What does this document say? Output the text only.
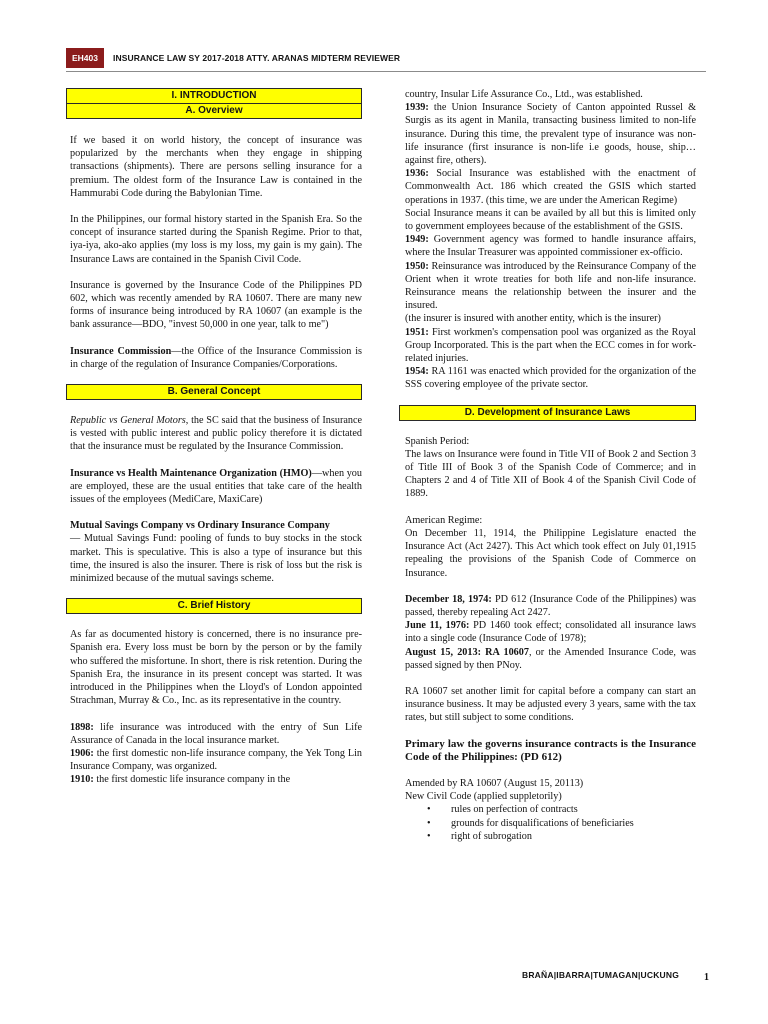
EH403	INSURANCE LAW SY 2017-2018 ATTY. ARANAS MIDTERM REVIEWER
I. INTRODUCTION
A. Overview

If we based it on world history, the concept of insurance was popularized by the merchants when they engage in shipping transactions (shipments). There are persons selling insurance for a premium. The oldest form of the Insurance Law is contained in the Hammurabi Code during the Babylonian Time.

In the Philippines, our formal history started in the Spanish Era. So the concept of insurance started during the Spanish Regime. Prior to that, iya-iya, ako-ako applies (my loss is my loss, my gain is my gain). The Insurance Laws are contained in the Spanish Civil Code.

Insurance is governed by the Insurance Code of the Philippines PD 602, which was recently amended by RA 10607. There are many new forms of insurance being introduced by RA 10607 (an example is the bank assurance—BDO, "invest 50,000 in one year, talk to me")

Insurance Commission—the Office of the Insurance Commission is in charge of the regulation of Insurance Companies/Corporations.

B. General Concept

Republic vs General Motors, the SC said that the business of Insurance is vested with public interest and public policy therefore it is dictated that the insurance must be regulated by the Insurance Commission.

Insurance vs Health Maintenance Organization (HMO)—when you are employed, these are the usual entities that take care of the health issues of the employees (MediCare, MaxiCare)

Mutual Savings Company vs Ordinary Insurance Company

— Mutual Savings Fund: pooling of funds to buy stocks in the stock market. This is speculative. This is also a type of insurance but this time, the insured is also the insurer. There is risk of loss but the risk is minimized because of the mutual savings scheme.

C. Brief History

As far as documented history is concerned, there is no insurance pre-Spanish era. Every loss must be born by the person or by the family who suffered the misfortune. In short, there is risk retention. During the Spanish Era, the insurance in its present concept was started. It was introduced in the Philippines when the Lloyd's of London appointed Strachman, Murray & Co., Inc. as its representative in the country.

1898: life insurance was introduced with the entry of Sun Life Assurance of Canada in the local insurance market.

1906: the first domestic non-life insurance company, the Yek Tong Lin Insurance Company, was organized.

1910: the first domestic life insurance company in the

country, Insular Life Assurance Co., Ltd., was established.

1939: the Union Insurance Society of Canton appointed Russel & Surgis as its agent in Manila, transacting business limited to non-life insurance. During this time, the prevalent type of insurance was non-life insurance (first insurance is non-life i.e goods, house, ship…against fire, others).

1936: Social Insurance was established with the enactment of Commonwealth Act. 186 which created the GSIS which started operations in 1937. (this time, we are under the American Regime)

Social Insurance means it can be availed by all but this is limited only to government employees because of the establishment of the GSIS.

1949: Government agency was formed to handle insurance affairs, where the Insular Treasurer was appointed commissioner ex-officio.

1950: Reinsurance was introduced by the Reinsurance Company of the Orient when it wrote treaties for both life and non-life insurance. Reinsurance means the relationship between the insurer and the insured.

(the insurer is insured with another entity, which is the insurer)

1951: First workmen's compensation pool was organized as the Royal Group Incorporated. This is the part when the ECC comes in for work-related injuries.

1954: RA 1161 was enacted which provided for the organization of the SSS covering employee of the private sector.

D. Development of Insurance Laws

Spanish Period:

The laws on Insurance were found in Title VII of Book 2 and Section 3 of Title III of Book 3 of the Spanish Code of Commerce; and in Chapters 2 and 4 of Title XII of Book 4 of the Spanish Civil Code of 1889.

American Regime:

On December 11, 1914, the Philippine Legislature enacted the Insurance Act (Act 2427). This Act which took effect on July 01,1915 repealing the provisions of the Spanish Code of Commerce on Insurance.

December 18, 1974: PD 612 (Insurance Code of the Philippines) was passed, thereby repealing Act 2427.

June 11, 1976: PD 1460 took effect; consolidated all insurance laws into a single code (Insurance Code of 1978);

August 15, 2013: RA 10607, or the Amended Insurance Code, was passed signed by then PNoy.

RA 10607 set another limit for capital before a company can start an insurance business. It may be adjusted every 3 years, same with the tax rates, but still subject to some conditions.

Primary law the governs insurance contracts is the Insurance Code of the Philippines: (PD 612)

Amended by RA 10607 (August 15, 20113)

New Civil Code (applied suppletorily)

• rules on perfection of contracts
• grounds for disqualifications of beneficiaries
• right of subrogation
BRAÑA|IBARRA|TUMAGAN|UCKUNG 1
